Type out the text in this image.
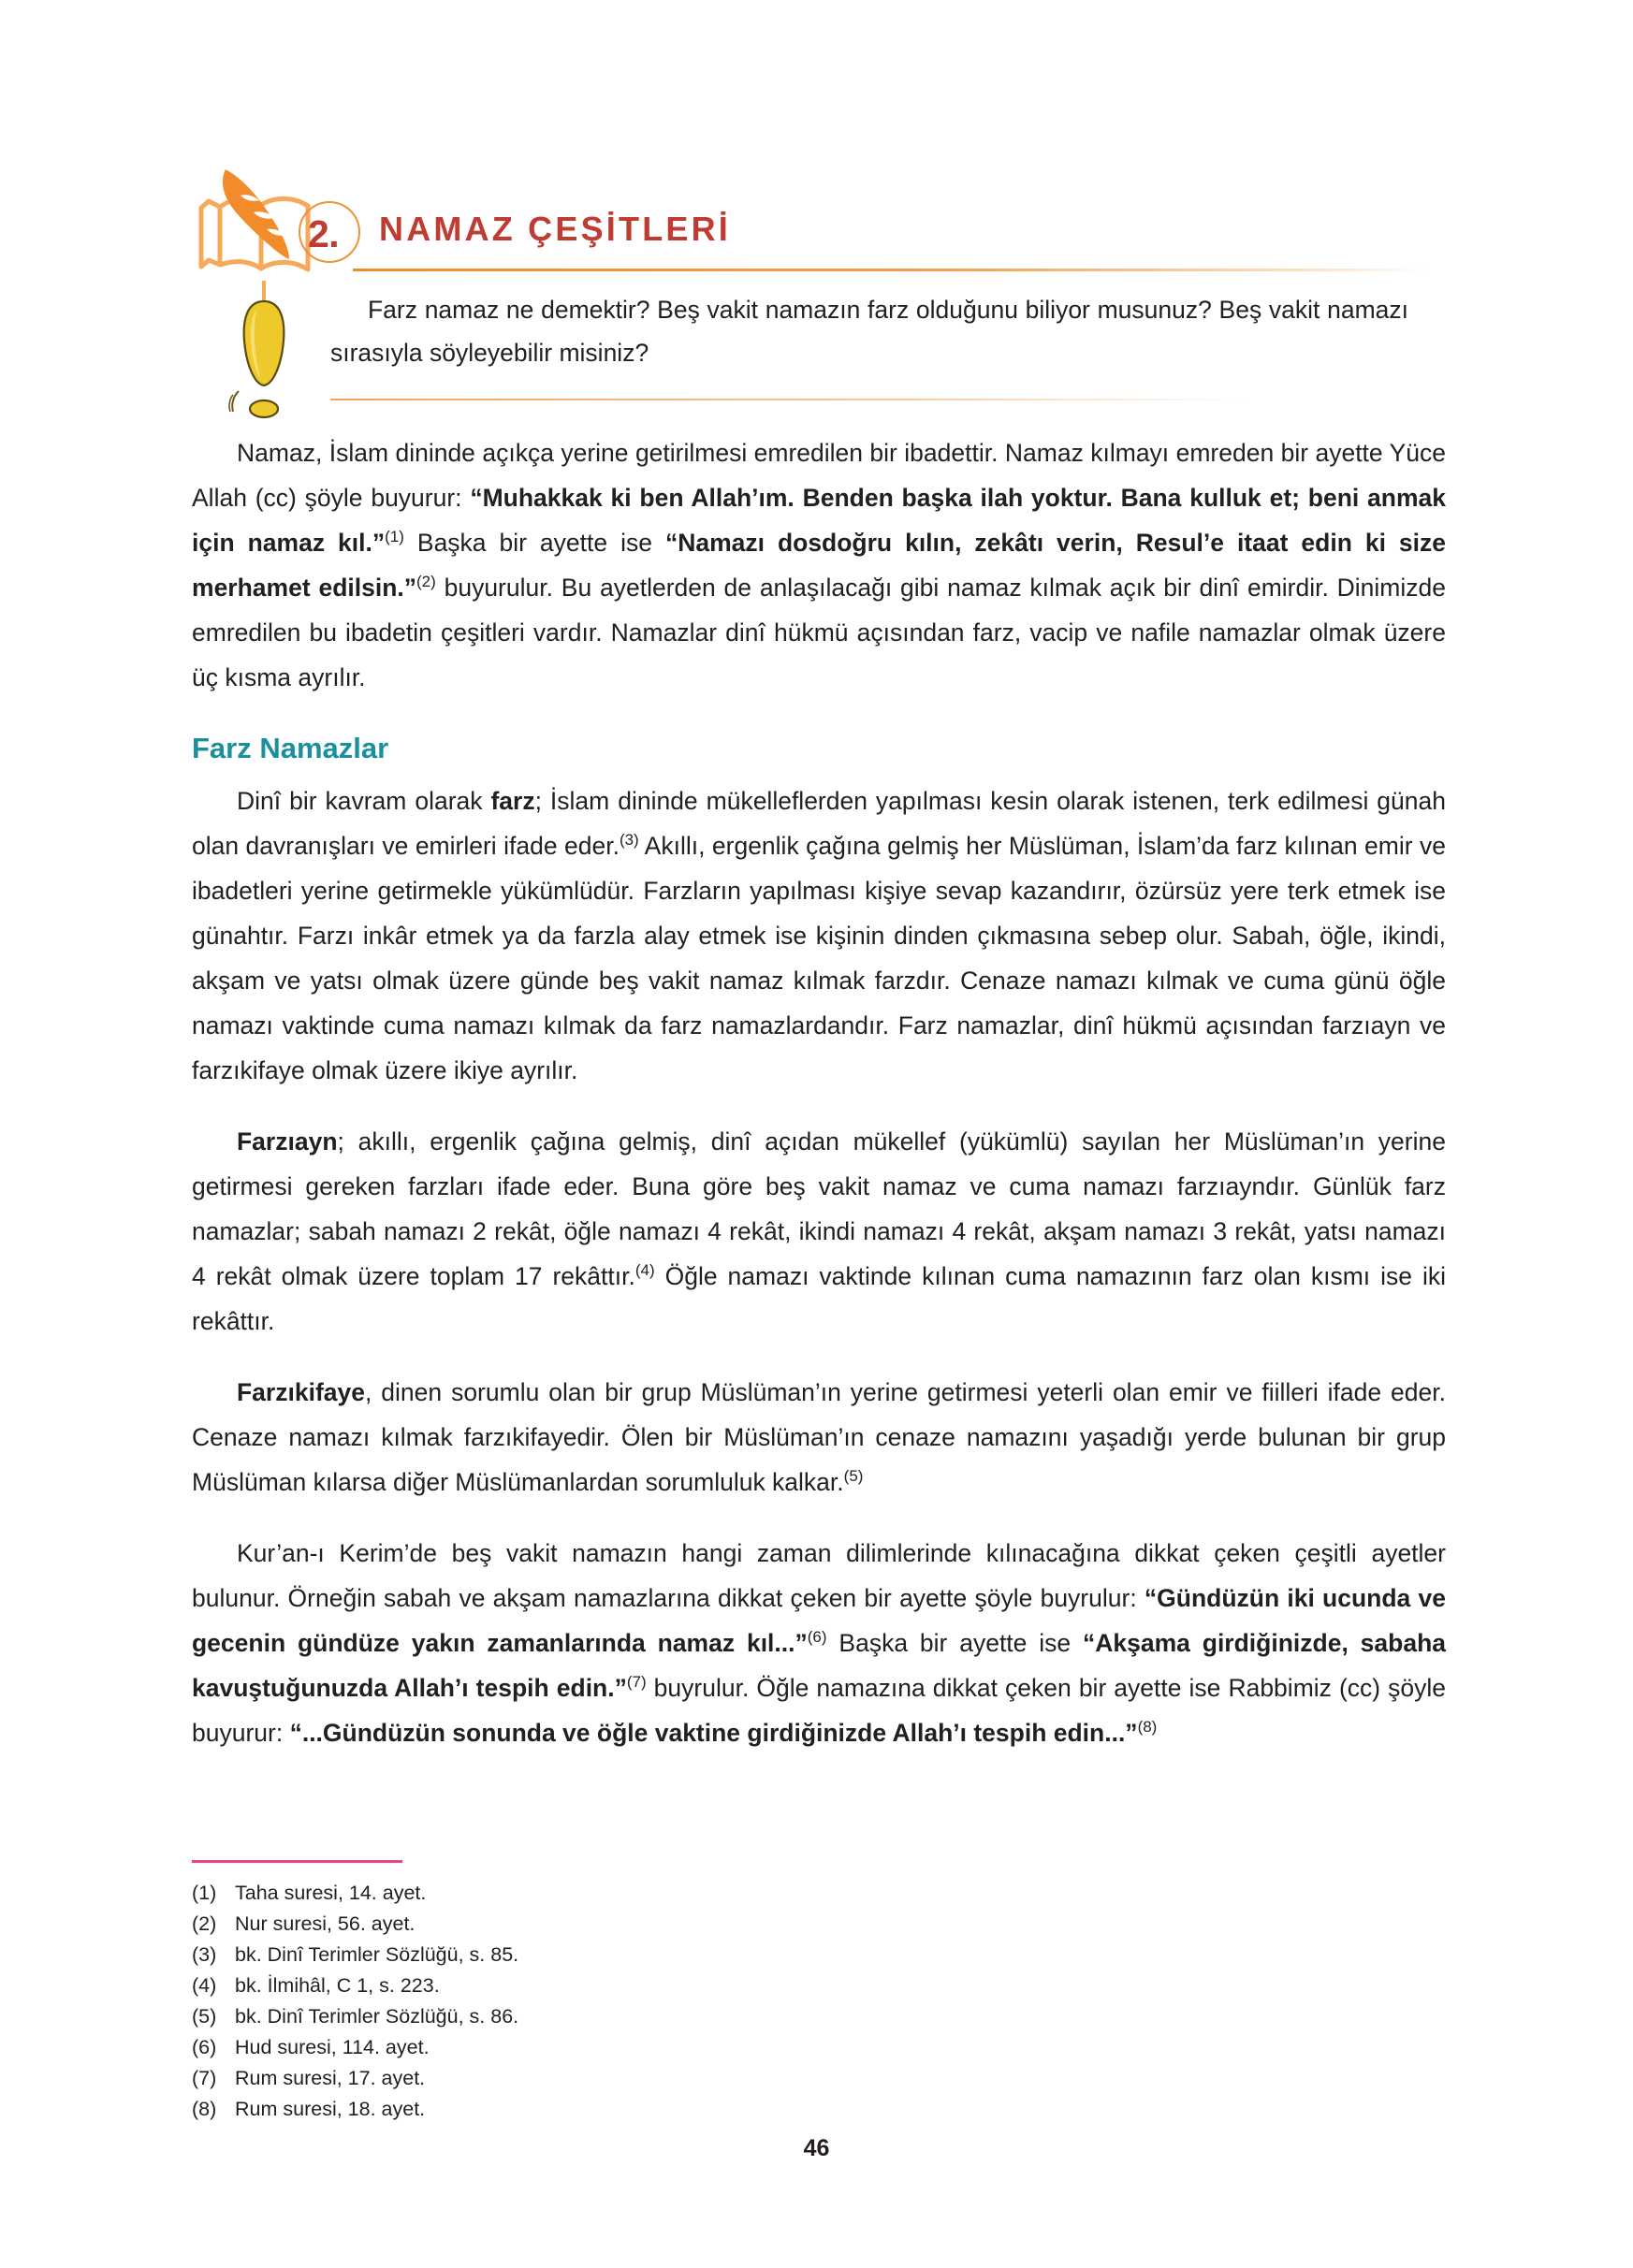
2. NAMAZ ÇEŞİTLERİ

Farz namaz ne demektir? Beş vakit namazın farz olduğunu biliyor musunuz? Beş vakit namazı sırasıyla söyleyebilir misiniz?

Namaz, İslam dininde açıkça yerine getirilmesi emredilen bir ibadettir. Namaz kılmayı emreden bir ayette Yüce Allah (cc) şöyle buyurur: “Muhakkak ki ben Allah’ım. Benden başka ilah yoktur. Bana kulluk et; beni anmak için namaz kıl.”$^{(1)}$ Başka bir ayette ise “Namazı dosdoğru kılın, zekâtı verin, Resul’e itaat edin ki size merhamet edilsin.”$^{(2)}$ buyurulur. Bu ayetlerden de anlaşılacağı gibi namaz kılmak açık bir dinî emirdir. Dinimizde emredilen bu ibadetin çeşitleri vardır. Namazlar dinî hükmü açısından farz, vacip ve nafile namazlar olmak üzere üç kısma ayrılır.

Farz Namazlar

Dinî bir kavram olarak farz; İslam dininde mükelleflerden yapılması kesin olarak istenen, terk edilmesi günah olan davranışları ve emirleri ifade eder.$^{(3)}$ Akıllı, ergenlik çağına gelmiş her Müslüman, İslam’da farz kılınan emir ve ibadetleri yerine getirmekle yükümlüdür. Farzların yapılması kişiye sevap kazandırır, özürsüz yere terk etmek ise günahtır. Farzı inkâr etmek ya da farzla alay etmek ise kişinin dinden çıkmasına sebep olur. Sabah, öğle, ikindi, akşam ve yatsı olmak üzere günde beş vakit namaz kılmak farzdır. Cenaze namazı kılmak ve cuma günü öğle namazı vaktinde cuma namazı kılmak da farz namazlardandır. Farz namazlar, dinî hükmü açısından farzıayn ve farzıkifaye olmak üzere ikiye ayrılır.

Farzıayn; akıllı, ergenlik çağına gelmiş, dinî açıdan mükellef (yükümlü) sayılan her Müslüman’ın yerine getirmesi gereken farzları ifade eder. Buna göre beş vakit namaz ve cuma namazı farzıayndır. Günlük farz namazlar; sabah namazı 2 rekât, öğle namazı 4 rekât, ikindi namazı 4 rekât, akşam namazı 3 rekât, yatsı namazı 4 rekât olmak üzere toplam 17 rekâttır.$^{(4)}$ Öğle namazı vaktinde kılınan cuma namazının farz olan kısmı ise iki rekâttır.

Farzıkifaye, dinen sorumlu olan bir grup Müslüman’ın yerine getirmesi yeterli olan emir ve fiilleri ifade eder. Cenaze namazı kılmak farzıkifayedir. Ölen bir Müslüman’ın cenaze namazını yaşadığı yerde bulunan bir grup Müslüman kılarsa diğer Müslümanlardan sorumluluk kalkar.$^{(5)}$

Kur’an-ı Kerim’de beş vakit namazın hangi zaman dilimlerinde kılınacağına dikkat çeken çeşitli ayetler bulunur. Örneğin sabah ve akşam namazlarına dikkat çeken bir ayette şöyle buyrulur: “Gündüzün iki ucunda ve gecenin gündüze yakın zamanlarında namaz kıl...”$^{(6)}$ Başka bir ayette ise “Akşama girdiğinizde, sabaha kavuştuğunuzda Allah’ı tespih edin.”$^{(7)}$ buyrulur. Öğle namazına dikkat çeken bir ayette ise Rabbimiz (cc) şöyle buyurur: “...Gündüzün sonunda ve öğle vaktine girdiğinizde Allah’ı tespih edin...”$^{(8)}$

(1) Taha suresi, 14. ayet.
(2) Nur suresi, 56. ayet.
(3) bk. Dinî Terimler Sözlüğü, s. 85.
(4) bk. İlmihâl, C 1, s. 223.
(5) bk. Dinî Terimler Sözlüğü, s. 86.
(6) Hud suresi, 114. ayet.
(7) Rum suresi, 17. ayet.
(8) Rum suresi, 18. ayet.
46
